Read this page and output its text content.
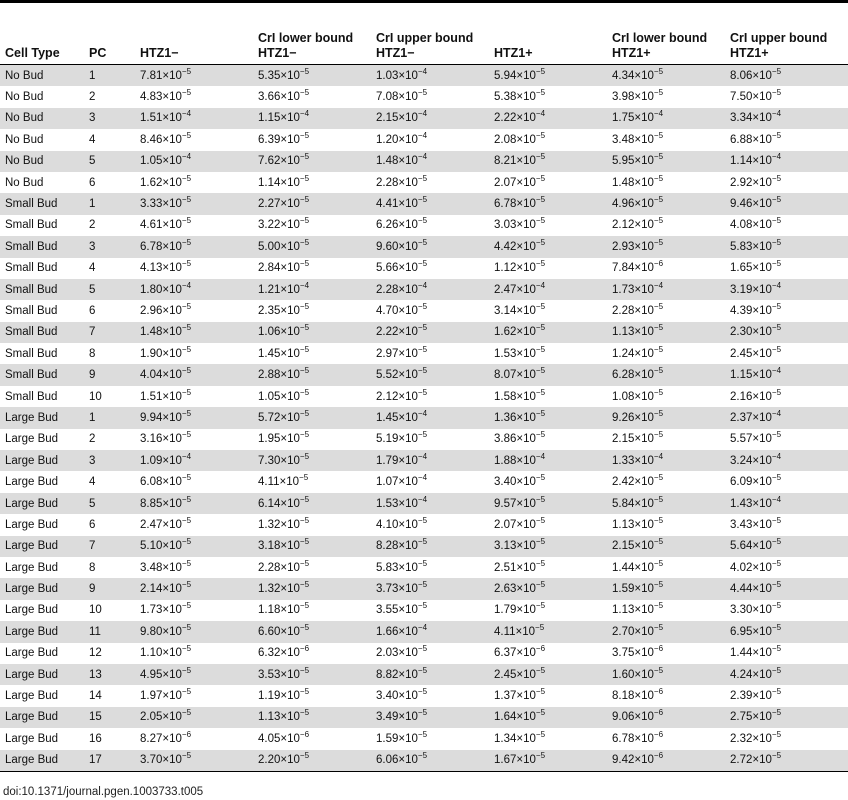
Cell Type	PC	HTZ1−	CrI lower bound HTZ1−	CrI upper bound HTZ1−	HTZ1+	CrI lower bound HTZ1+	CrI upper bound HTZ1+
No Bud	1	$7.81\times 10^{-5}$	$5.35\times 10^{-5}$	$1.03\times 10^{-4}$	$5.94\times 10^{-5}$	$4.34\times 10^{-5}$	$8.06\times 10^{-5}$
No Bud	2	$4.83\times 10^{-5}$	$3.66\times 10^{-5}$	$7.08\times 10^{-5}$	$5.38\times 10^{-5}$	$3.98\times 10^{-5}$	$7.50\times 10^{-5}$
No Bud	3	$1.51\times 10^{-4}$	$1.15\times 10^{-4}$	$2.15\times 10^{-4}$	$2.22\times 10^{-4}$	$1.75\times 10^{-4}$	$3.34\times 10^{-4}$
No Bud	4	$8.46\times 10^{-5}$	$6.39\times 10^{-5}$	$1.20\times 10^{-4}$	$2.08\times 10^{-5}$	$3.48\times 10^{-5}$	$6.88\times 10^{-5}$
No Bud	5	$1.05\times 10^{-4}$	$7.62\times 10^{-5}$	$1.48\times 10^{-4}$	$8.21\times 10^{-5}$	$5.95\times 10^{-5}$	$1.14\times 10^{-4}$
No Bud	6	$1.62\times 10^{-5}$	$1.14\times 10^{-5}$	$2.28\times 10^{-5}$	$2.07\times 10^{-5}$	$1.48\times 10^{-5}$	$2.92\times 10^{-5}$
Small Bud	1	$3.33\times 10^{-5}$	$2.27\times 10^{-5}$	$4.41\times 10^{-5}$	$6.78\times 10^{-5}$	$4.96\times 10^{-5}$	$9.46\times 10^{-5}$
Small Bud	2	$4.61\times 10^{-5}$	$3.22\times 10^{-5}$	$6.26\times 10^{-5}$	$3.03\times 10^{-5}$	$2.12\times 10^{-5}$	$4.08\times 10^{-5}$
Small Bud	3	$6.78\times 10^{-5}$	$5.00\times 10^{-5}$	$9.60\times 10^{-5}$	$4.42\times 10^{-5}$	$2.93\times 10^{-5}$	$5.83\times 10^{-5}$
Small Bud	4	$4.13\times 10^{-5}$	$2.84\times 10^{-5}$	$5.66\times 10^{-5}$	$1.12\times 10^{-5}$	$7.84\times 10^{-6}$	$1.65\times 10^{-5}$
Small Bud	5	$1.80\times 10^{-4}$	$1.21\times 10^{-4}$	$2.28\times 10^{-4}$	$2.47\times 10^{-4}$	$1.73\times 10^{-4}$	$3.19\times 10^{-4}$
Small Bud	6	$2.96\times 10^{-5}$	$2.35\times 10^{-5}$	$4.70\times 10^{-5}$	$3.14\times 10^{-5}$	$2.28\times 10^{-5}$	$4.39\times 10^{-5}$
Small Bud	7	$1.48\times 10^{-5}$	$1.06\times 10^{-5}$	$2.22\times 10^{-5}$	$1.62\times 10^{-5}$	$1.13\times 10^{-5}$	$2.30\times 10^{-5}$
Small Bud	8	$1.90\times 10^{-5}$	$1.45\times 10^{-5}$	$2.97\times 10^{-5}$	$1.53\times 10^{-5}$	$1.24\times 10^{-5}$	$2.45\times 10^{-5}$
Small Bud	9	$4.04\times 10^{-5}$	$2.88\times 10^{-5}$	$5.52\times 10^{-5}$	$8.07\times 10^{-5}$	$6.28\times 10^{-5}$	$1.15\times 10^{-4}$
Small Bud	10	$1.51\times 10^{-5}$	$1.05\times 10^{-5}$	$2.12\times 10^{-5}$	$1.58\times 10^{-5}$	$1.08\times 10^{-5}$	$2.16\times 10^{-5}$
Large Bud	1	$9.94\times 10^{-5}$	$5.72\times 10^{-5}$	$1.45\times 10^{-4}$	$1.36\times 10^{-5}$	$9.26\times 10^{-5}$	$2.37\times 10^{-4}$
Large Bud	2	$3.16\times 10^{-5}$	$1.95\times 10^{-5}$	$5.19\times 10^{-5}$	$3.86\times 10^{-5}$	$2.15\times 10^{-5}$	$5.57\times 10^{-5}$
Large Bud	3	$1.09\times 10^{-4}$	$7.30\times 10^{-5}$	$1.79\times 10^{-4}$	$1.88\times 10^{-4}$	$1.33\times 10^{-4}$	$3.24\times 10^{-4}$
Large Bud	4	$6.08\times 10^{-5}$	$4.11\times 10^{-5}$	$1.07\times 10^{-4}$	$3.40\times 10^{-5}$	$2.42\times 10^{-5}$	$6.09\times 10^{-5}$
Large Bud	5	$8.85\times 10^{-5}$	$6.14\times 10^{-5}$	$1.53\times 10^{-4}$	$9.57\times 10^{-5}$	$5.84\times 10^{-5}$	$1.43\times 10^{-4}$
Large Bud	6	$2.47\times 10^{-5}$	$1.32\times 10^{-5}$	$4.10\times 10^{-5}$	$2.07\times 10^{-5}$	$1.13\times 10^{-5}$	$3.43\times 10^{-5}$
Large Bud	7	$5.10\times 10^{-5}$	$3.18\times 10^{-5}$	$8.28\times 10^{-5}$	$3.13\times 10^{-5}$	$2.15\times 10^{-5}$	$5.64\times 10^{-5}$
Large Bud	8	$3.48\times 10^{-5}$	$2.28\times 10^{-5}$	$5.83\times 10^{-5}$	$2.51\times 10^{-5}$	$1.44\times 10^{-5}$	$4.02\times 10^{-5}$
Large Bud	9	$2.14\times 10^{-5}$	$1.32\times 10^{-5}$	$3.73\times 10^{-5}$	$2.63\times 10^{-5}$	$1.59\times 10^{-5}$	$4.44\times 10^{-5}$
Large Bud	10	$1.73\times 10^{-5}$	$1.18\times 10^{-5}$	$3.55\times 10^{-5}$	$1.79\times 10^{-5}$	$1.13\times 10^{-5}$	$3.30\times 10^{-5}$
Large Bud	11	$9.80\times 10^{-5}$	$6.60\times 10^{-5}$	$1.66\times 10^{-4}$	$4.11\times 10^{-5}$	$2.70\times 10^{-5}$	$6.95\times 10^{-5}$
Large Bud	12	$1.10\times 10^{-5}$	$6.32\times 10^{-6}$	$2.03\times 10^{-5}$	$6.37\times 10^{-6}$	$3.75\times 10^{-6}$	$1.44\times 10^{-5}$
Large Bud	13	$4.95\times 10^{-5}$	$3.53\times 10^{-5}$	$8.82\times 10^{-5}$	$2.45\times 10^{-5}$	$1.60\times 10^{-5}$	$4.24\times 10^{-5}$
Large Bud	14	$1.97\times 10^{-5}$	$1.19\times 10^{-5}$	$3.40\times 10^{-5}$	$1.37\times 10^{-5}$	$8.18\times 10^{-6}$	$2.39\times 10^{-5}$
Large Bud	15	$2.05\times 10^{-5}$	$1.13\times 10^{-5}$	$3.49\times 10^{-5}$	$1.64\times 10^{-5}$	$9.06\times 10^{-6}$	$2.75\times 10^{-5}$
Large Bud	16	$8.27\times 10^{-6}$	$4.05\times 10^{-6}$	$1.59\times 10^{-5}$	$1.34\times 10^{-5}$	$6.78\times 10^{-6}$	$2.32\times 10^{-5}$
Large Bud	17	$3.70\times 10^{-5}$	$2.20\times 10^{-5}$	$6.06\times 10^{-5}$	$1.67\times 10^{-5}$	$9.42\times 10^{-6}$	$2.72\times 10^{-5}$
doi:10.1371/journal.pgen.1003733.t005
